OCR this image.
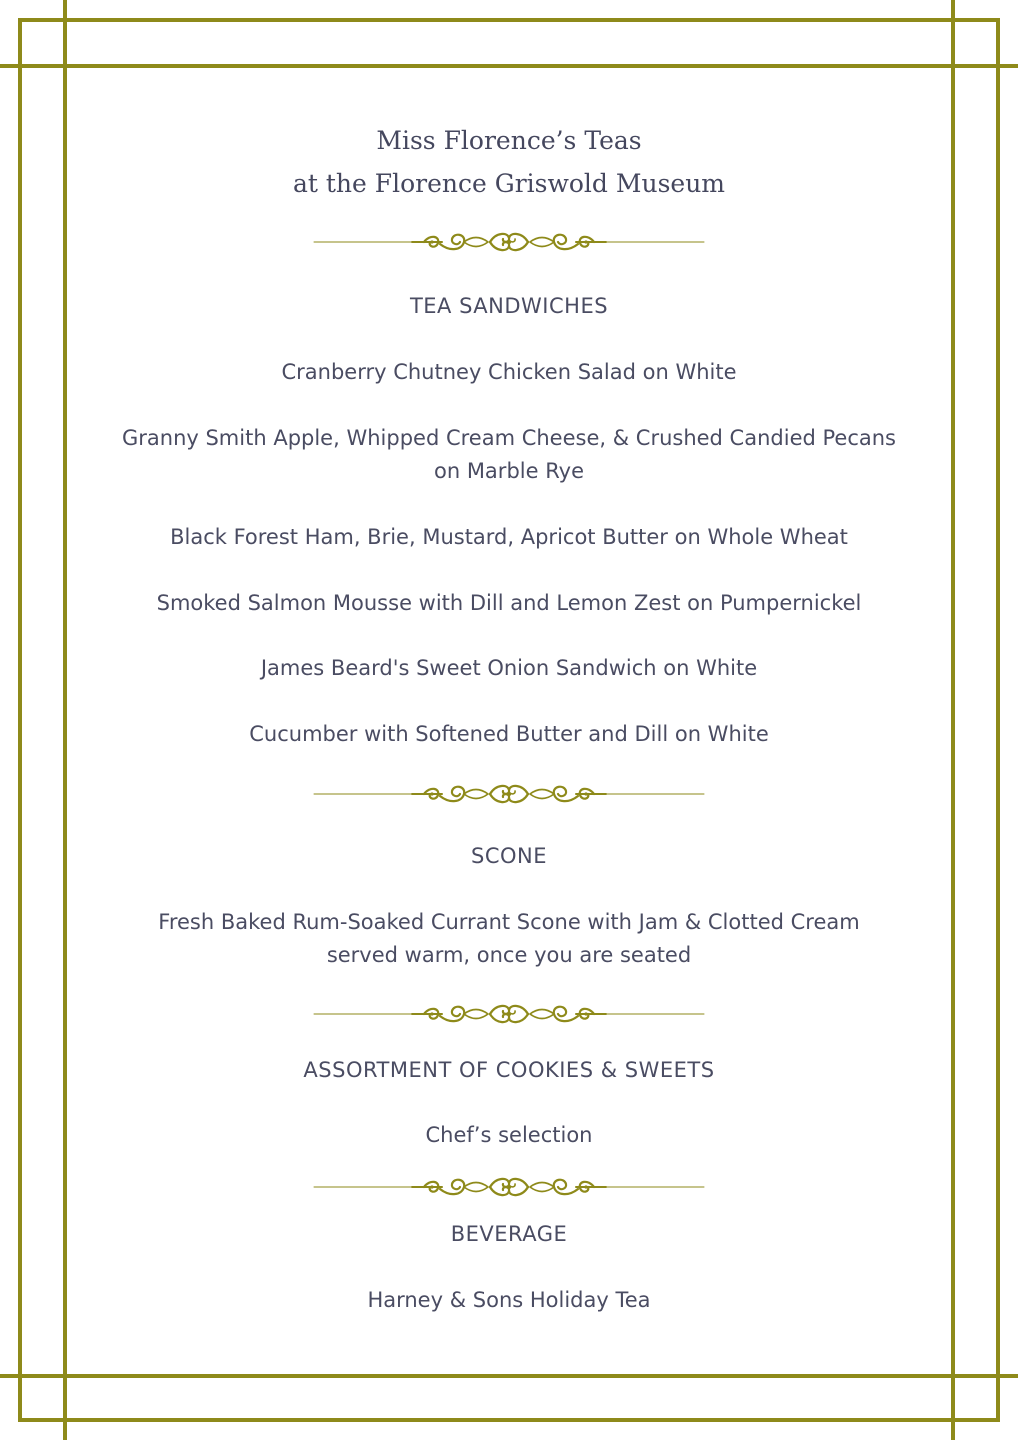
Miss Florence’s Teas
at the Florence Griswold Museum
TEA SANDWICHES
Cranberry Chutney Chicken Salad on White
Granny Smith Apple, Whipped Cream Cheese, & Crushed Candied Pecans
on Marble Rye
Black Forest Ham, Brie, Mustard, Apricot Butter on Whole Wheat
Smoked Salmon Mousse with Dill and Lemon Zest on Pumpernickel
James Beard's Sweet Onion Sandwich on White
Cucumber with Softened Butter and Dill on White
SCONE
Fresh Baked Rum-Soaked Currant Scone with Jam & Clotted Cream
served warm, once you are seated
ASSORTMENT OF COOKIES & SWEETS
Chef’s selection
BEVERAGE
Harney & Sons Holiday Tea
